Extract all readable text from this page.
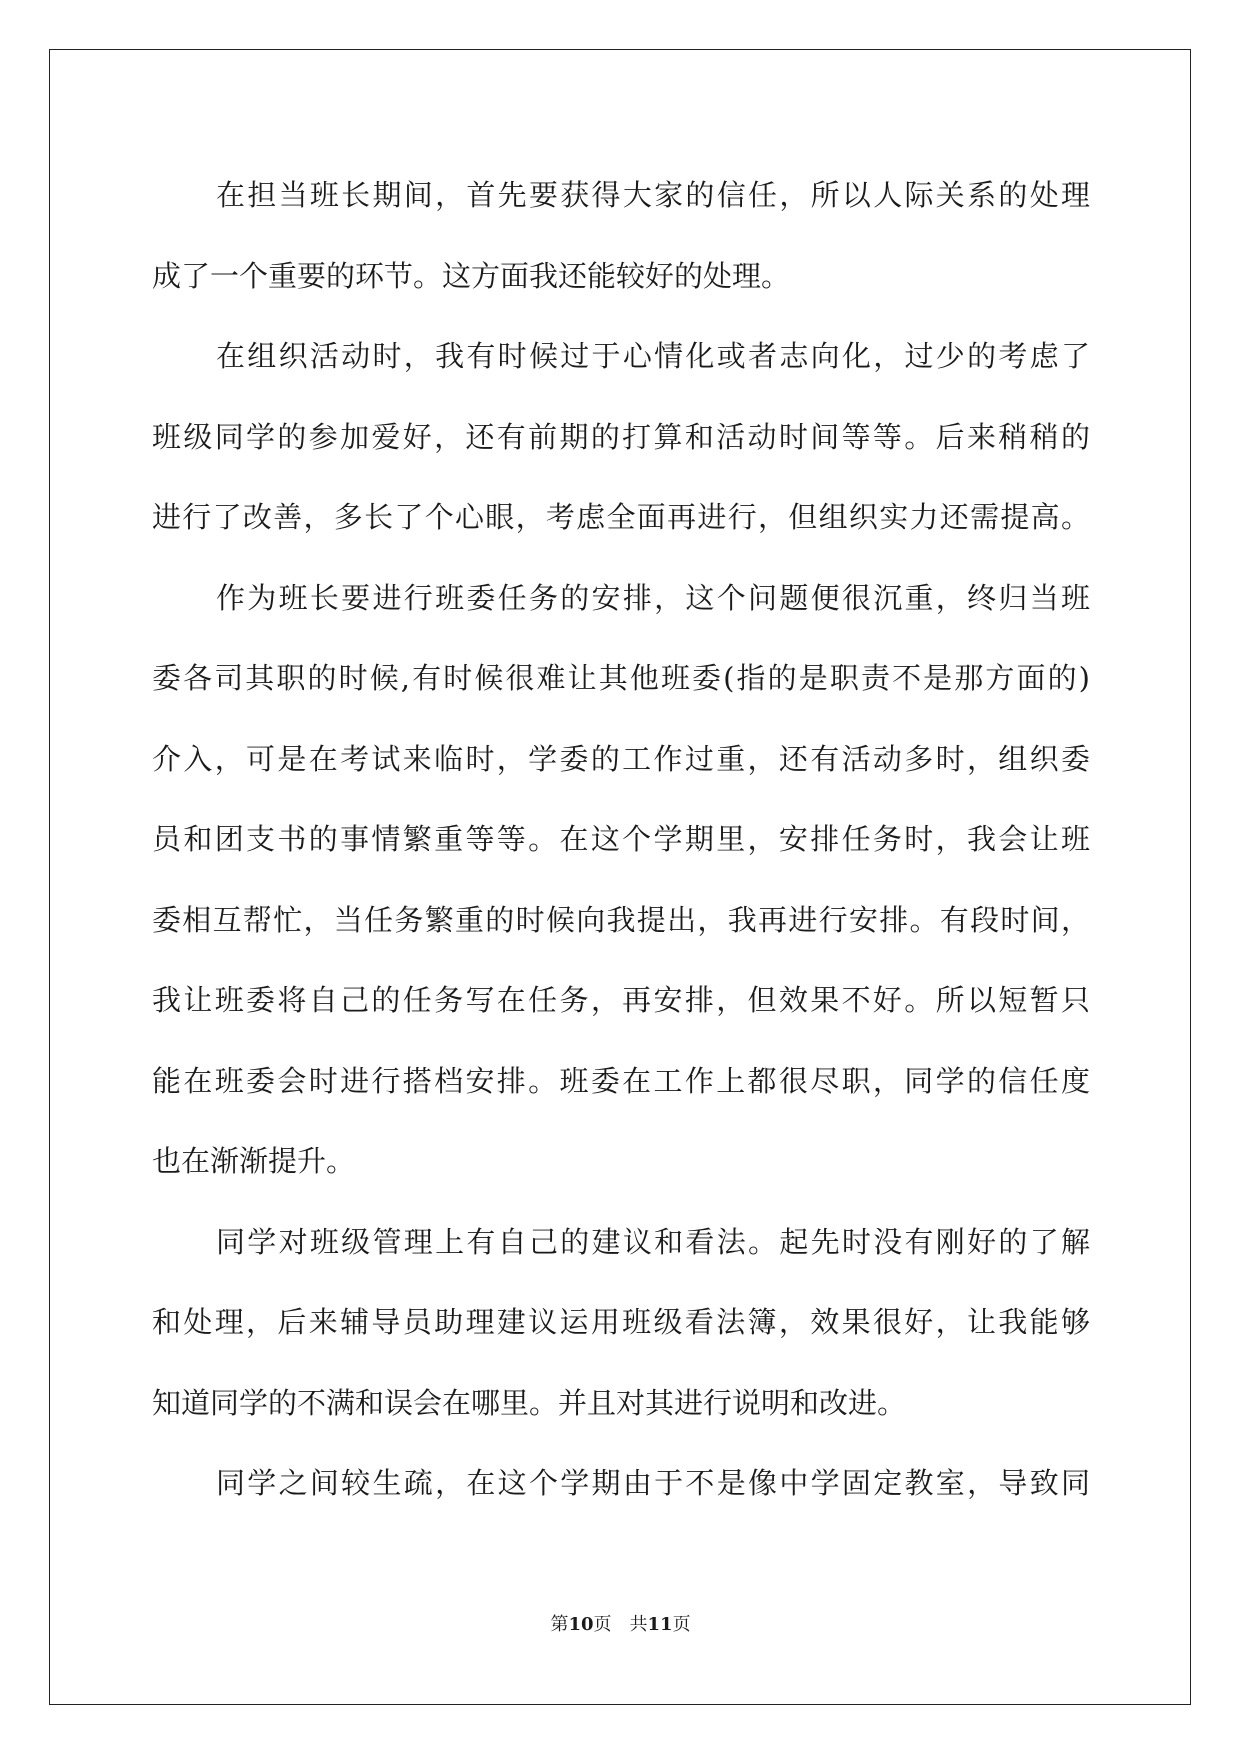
在担当班长期间，首先要获得大家的信任，所以人际关系的处理
成了一个重要的环节。这方面我还能较好的处理。
在组织活动时，我有时候过于心情化或者志向化，过少的考虑了
班级同学的参加爱好，还有前期的打算和活动时间等等。后来稍稍的
进行了改善，多长了个心眼，考虑全面再进行，但组织实力还需提高。
作为班长要进行班委任务的安排，这个问题便很沉重，终归当班
委各司其职的时候,有时候很难让其他班委(指的是职责不是那方面的)
介入，可是在考试来临时，学委的工作过重，还有活动多时，组织委
员和团支书的事情繁重等等。在这个学期里，安排任务时，我会让班
委相互帮忙，当任务繁重的时候向我提出，我再进行安排。有段时间，
我让班委将自己的任务写在任务，再安排，但效果不好。所以短暂只
能在班委会时进行搭档安排。班委在工作上都很尽职，同学的信任度
也在渐渐提升。
同学对班级管理上有自己的建议和看法。起先时没有刚好的了解
和处理，后来辅导员助理建议运用班级看法簿，效果很好，让我能够
知道同学的不满和误会在哪里。并且对其进行说明和改进。
同学之间较生疏，在这个学期由于不是像中学固定教室，导致同
第10页 共11页
